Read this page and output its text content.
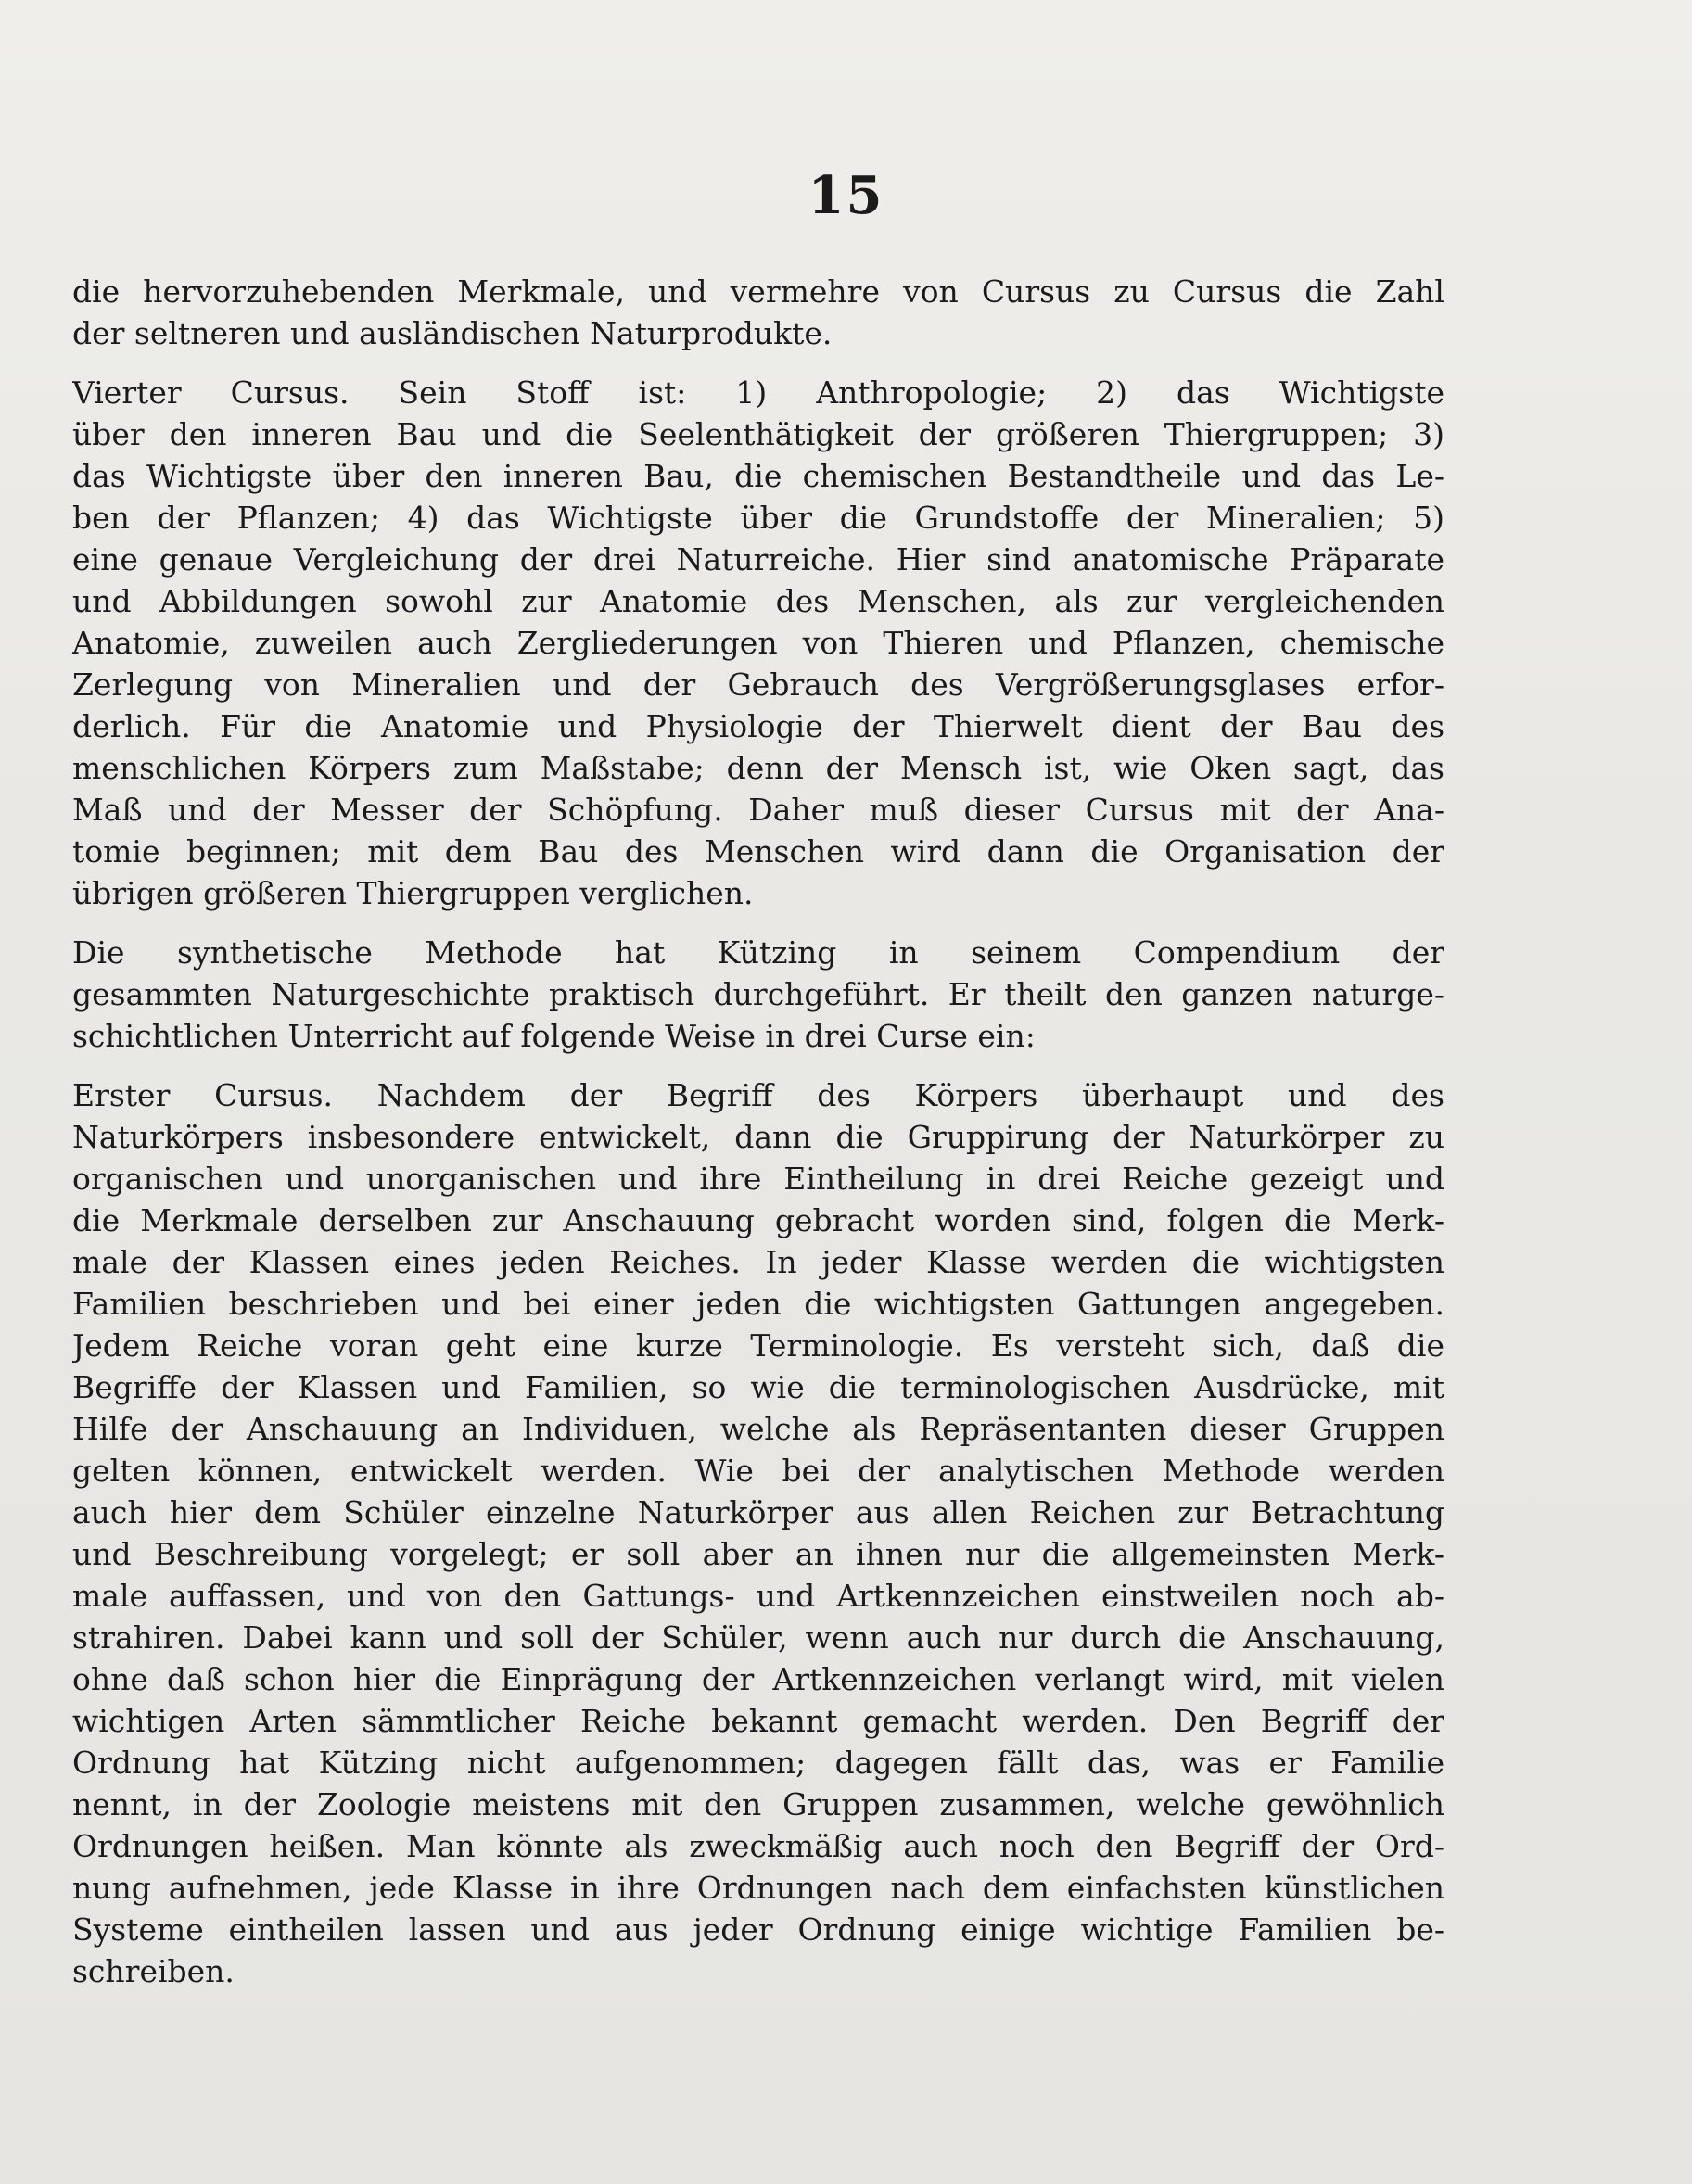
15
die hervorzuhebenden Merkmale, und vermehre von Cursus zu Cursus die Zahl
der seltneren und ausländischen Naturprodukte.
Vierter Cursus. Sein Stoff ist: 1) Anthropologie; 2) das Wichtigste
über den inneren Bau und die Seelenthätigkeit der größeren Thiergruppen; 3)
das Wichtigste über den inneren Bau, die chemischen Bestandtheile und das Le-
ben der Pflanzen; 4) das Wichtigste über die Grundstoffe der Mineralien; 5)
eine genaue Vergleichung der drei Naturreiche. Hier sind anatomische Präparate
und Abbildungen sowohl zur Anatomie des Menschen, als zur vergleichenden
Anatomie, zuweilen auch Zergliederungen von Thieren und Pflanzen, chemische
Zerlegung von Mineralien und der Gebrauch des Vergrößerungsglases erfor-
derlich. Für die Anatomie und Physiologie der Thierwelt dient der Bau des
menschlichen Körpers zum Maßstabe; denn der Mensch ist, wie Oken sagt, das
Maß und der Messer der Schöpfung. Daher muß dieser Cursus mit der Ana-
tomie beginnen; mit dem Bau des Menschen wird dann die Organisation der
übrigen größeren Thiergruppen verglichen.
Die synthetische Methode hat Kützing in seinem Compendium der
gesammten Naturgeschichte praktisch durchgeführt. Er theilt den ganzen naturge-
schichtlichen Unterricht auf folgende Weise in drei Curse ein:
Erster Cursus. Nachdem der Begriff des Körpers überhaupt und des
Naturkörpers insbesondere entwickelt, dann die Gruppirung der Naturkörper zu
organischen und unorganischen und ihre Eintheilung in drei Reiche gezeigt und
die Merkmale derselben zur Anschauung gebracht worden sind, folgen die Merk-
male der Klassen eines jeden Reiches. In jeder Klasse werden die wichtigsten
Familien beschrieben und bei einer jeden die wichtigsten Gattungen angegeben.
Jedem Reiche voran geht eine kurze Terminologie. Es versteht sich, daß die
Begriffe der Klassen und Familien, so wie die terminologischen Ausdrücke, mit
Hilfe der Anschauung an Individuen, welche als Repräsentanten dieser Gruppen
gelten können, entwickelt werden. Wie bei der analytischen Methode werden
auch hier dem Schüler einzelne Naturkörper aus allen Reichen zur Betrachtung
und Beschreibung vorgelegt; er soll aber an ihnen nur die allgemeinsten Merk-
male auffassen, und von den Gattungs- und Artkennzeichen einstweilen noch ab-
strahiren. Dabei kann und soll der Schüler, wenn auch nur durch die Anschauung,
ohne daß schon hier die Einprägung der Artkennzeichen verlangt wird, mit vielen
wichtigen Arten sämmtlicher Reiche bekannt gemacht werden. Den Begriff der
Ordnung hat Kützing nicht aufgenommen; dagegen fällt das, was er Familie
nennt, in der Zoologie meistens mit den Gruppen zusammen, welche gewöhnlich
Ordnungen heißen. Man könnte als zweckmäßig auch noch den Begriff der Ord-
nung aufnehmen, jede Klasse in ihre Ordnungen nach dem einfachsten künstlichen
Systeme eintheilen lassen und aus jeder Ordnung einige wichtige Familien be-
schreiben.
